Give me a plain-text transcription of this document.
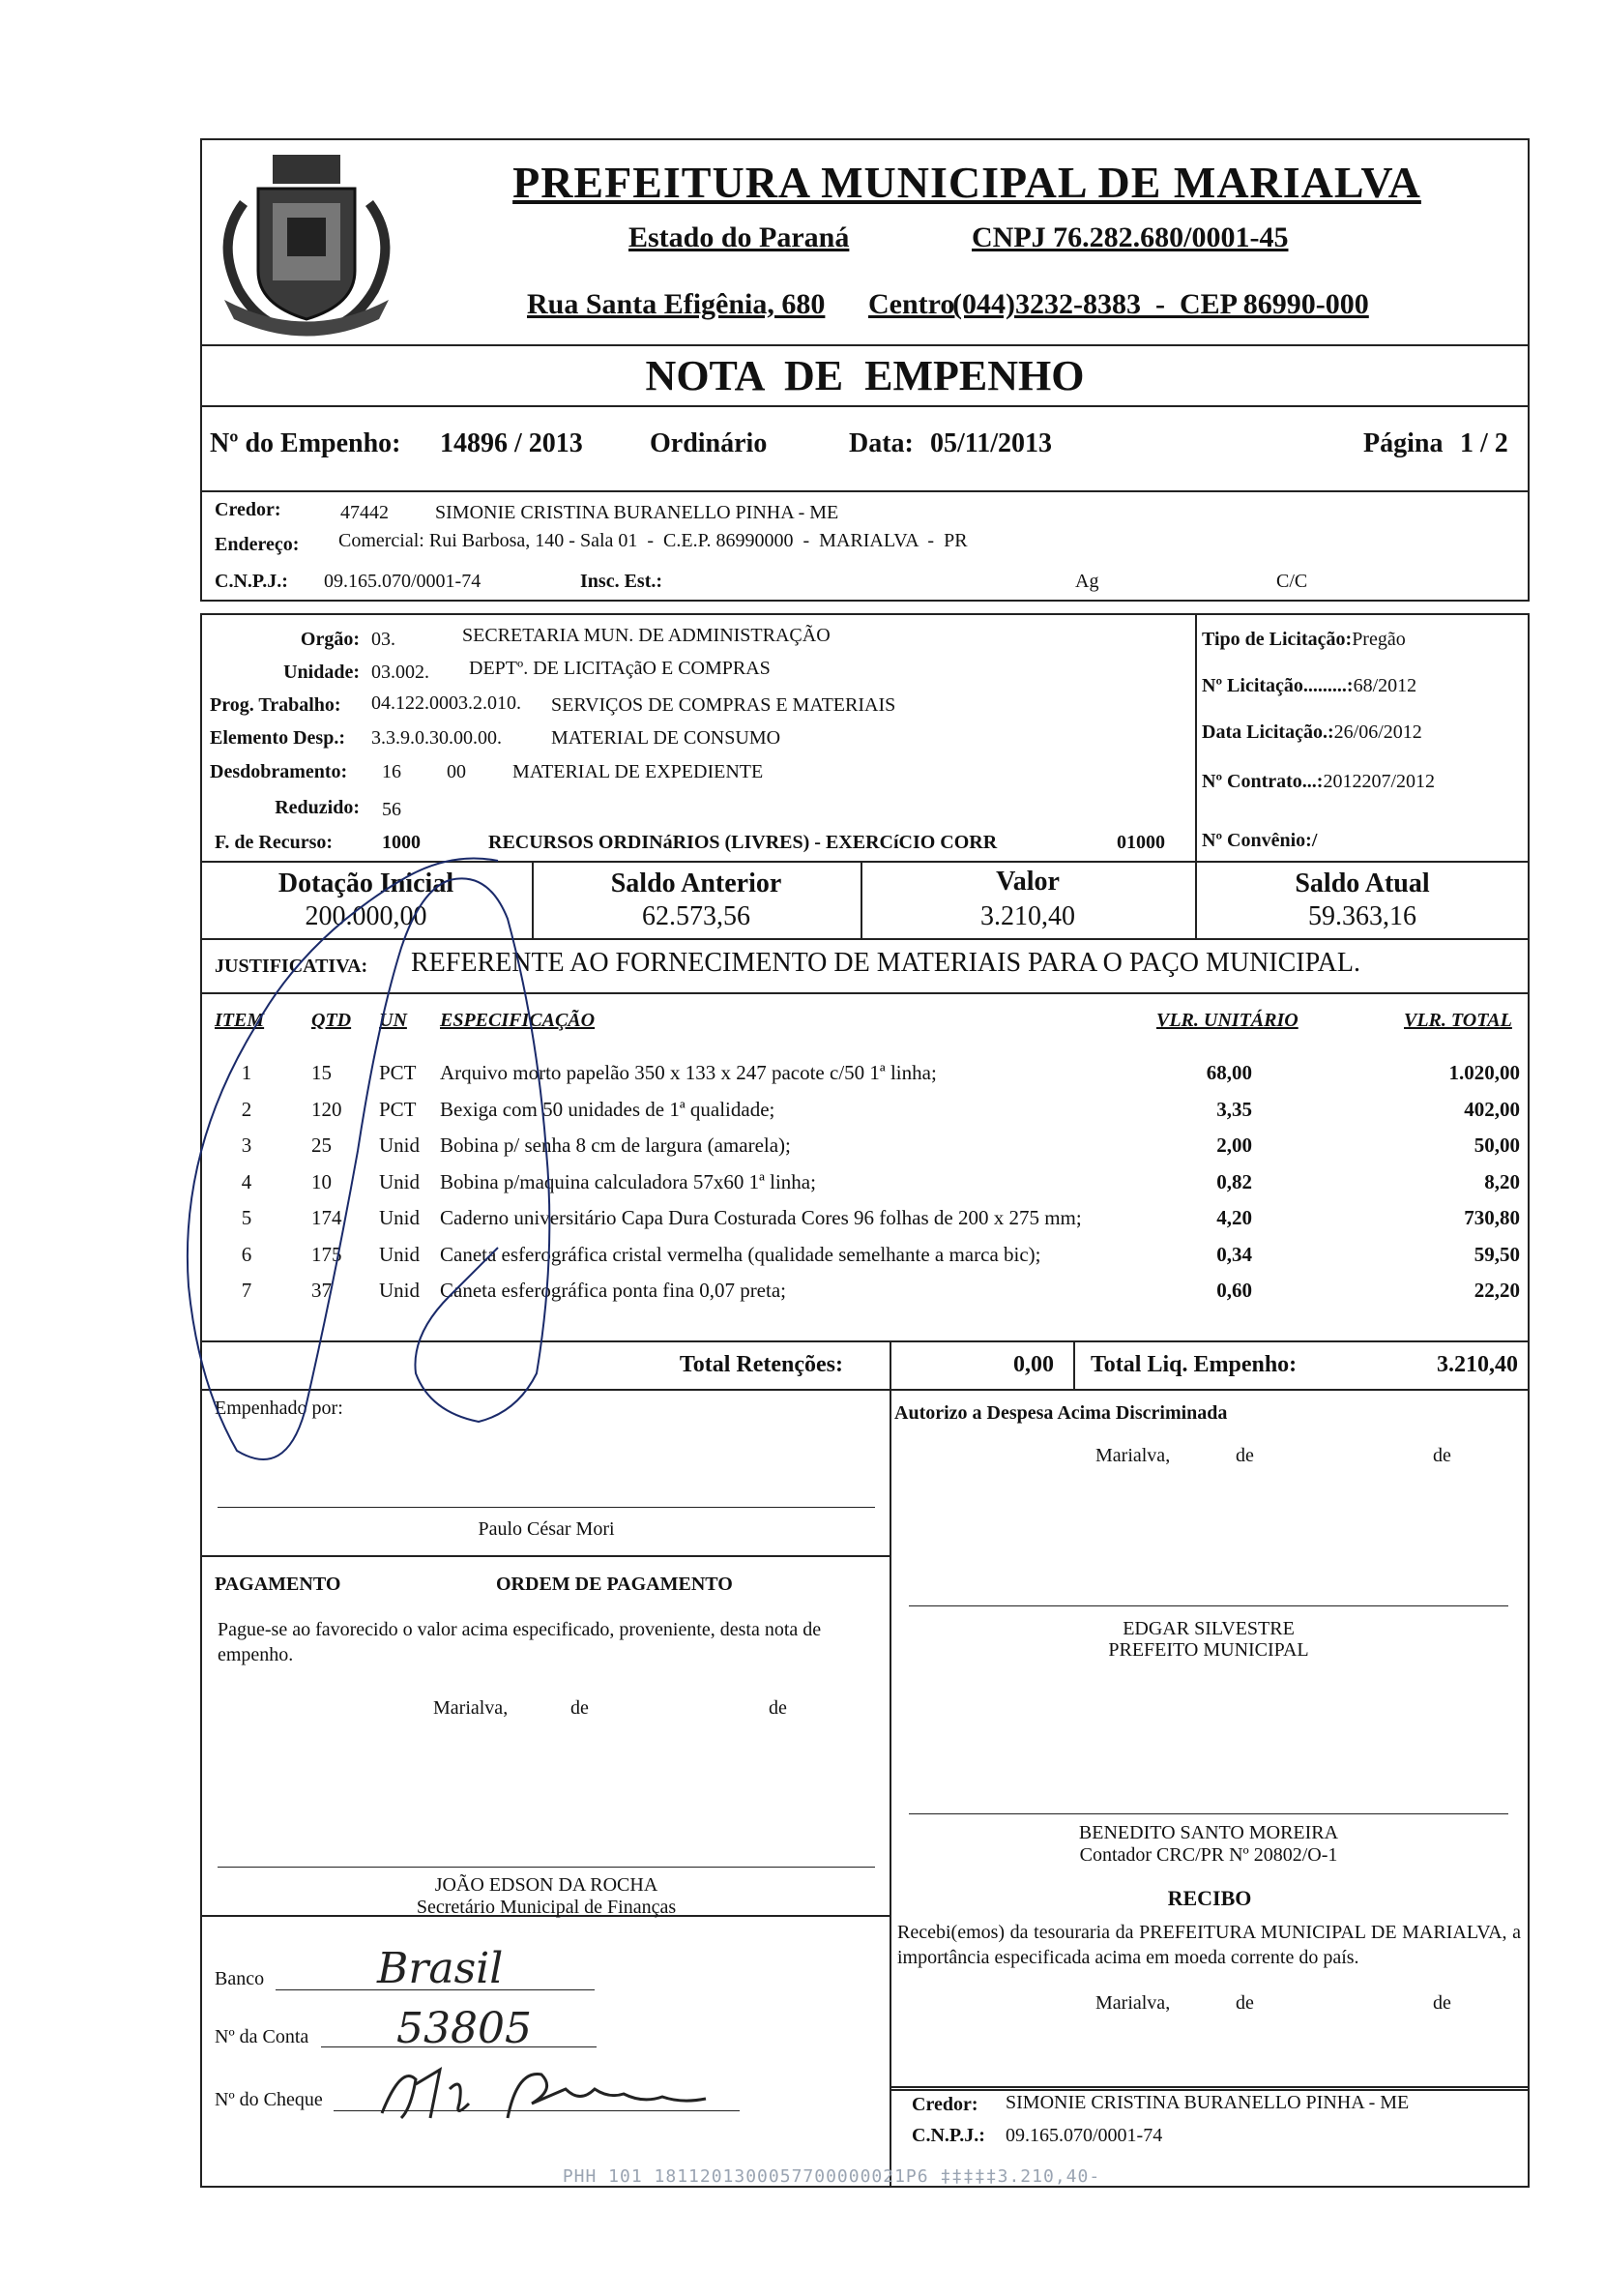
PREFEITURA MUNICIPAL DE MARIALVA
Estado do Paraná	CNPJ 76.282.680/0001-45
Rua Santa Efigênia, 680 Centro
(044)3232-8383  -  CEP 86990-000
NOTA  DE  EMPENHO
Nº do Empenho: 14896 / 2013 Ordinário	Data: 05/11/2013	Página 1 / 2
Credor:	47442 SIMONIE CRISTINA BURANELLO PINHA - ME
Endereço: Comercial: Rui Barbosa, 140 - Sala 01  -  C.E.P. 86990000  -  MARIALVA  -  PR
C.N.P.J.: 09.165.070/0001-74	Insc. Est.:	Ag	C/C
Orgão: 03.	SECRETARIA MUN. DE ADMINISTRAÇÃO
Unidade: 03.002. DEPTº. DE LICITAçãO E COMPRAS
Prog. Trabalho: 04.122.0003.2.010. SERVIÇOS DE COMPRAS E MATERIAIS
Elemento Desp.: 3.3.9.0.30.00.00.	MATERIAL DE CONSUMO
Desdobramento: 16 00 MATERIAL DE EXPEDIENTE
Reduzido: 56
F. de Recurso:	1000	RECURSOS ORDINáRIOS (LIVRES) - EXERCíCIO CORR	01000
Tipo de Licitação:Pregão
Nº Licitação.........:68/2012
Data Licitação.:26/06/2012
Nº Contrato...:2012207/2012
Nº Convênio:/
Dotação Inicial
200.000,00
Saldo Anterior
62.573,56
Valor
3.210,40
Saldo Atual
59.363,16
JUSTIFICATIVA: REFERENTE AO FORNECIMENTO DE MATERIAIS PARA O PAÇO MUNICIPAL.
ITEM QTD UN ESPECIFICAÇÃO	VLR. UNITÁRIO	VLR. TOTAL
1	15	PCT	Arquivo morto papelão 350 x 133 x 247 pacote c/50 1ª linha;	68,00	1.020,00
2	120	PCT	Bexiga com 50 unidades de 1ª qualidade;	3,35	402,00
3	25	Unid	Bobina p/ senha 8 cm de largura (amarela);	2,00	50,00
4	10	Unid	Bobina p/maquina calculadora 57x60 1ª linha;	0,82	8,20
5	174	Unid	Caderno universitário Capa Dura Costurada Cores 96 folhas de 200 x 275 mm;	4,20	730,80
6	175	Unid	Caneta esferográfica cristal vermelha (qualidade semelhante a marca bic);	0,34	59,50
7	37	Unid	Caneta esferográfica ponta fina 0,07 preta;	0,60	22,20
Total Retenções:	0,00 Total Liq. Empenho:	3.210,40
Empenhado por:
Paulo César Mori
Autorizo a Despesa Acima Discriminada
Marialva,	de	de
PAGAMENTO	ORDEM DE PAGAMENTO
Pague-se ao favorecido o valor acima especificado, proveniente, desta nota de empenho.
Marialva,	de	de
EDGAR SILVESTRE
PREFEITO MUNICIPAL
BENEDITO SANTO MOREIRA
Contador CRC/PR Nº 20802/O-1
JOÃO EDSON DA ROCHA
Secretário Municipal de Finanças	RECIBO
Recebi(emos) da tesouraria da PREFEITURA MUNICIPAL DE MARIALVA, a importância especificada acima em moeda corrente do país.
Marialva,	de	de
Banco	Brasil
Nº da Conta 53805
Nº do Cheque	Credor: SIMONIE CRISTINA BURANELLO PINHA - ME
C.N.P.J.: 09.165.070/0001-74
PHH 101 1811201300057700000021P6 ‡‡‡‡‡3.210,40-
